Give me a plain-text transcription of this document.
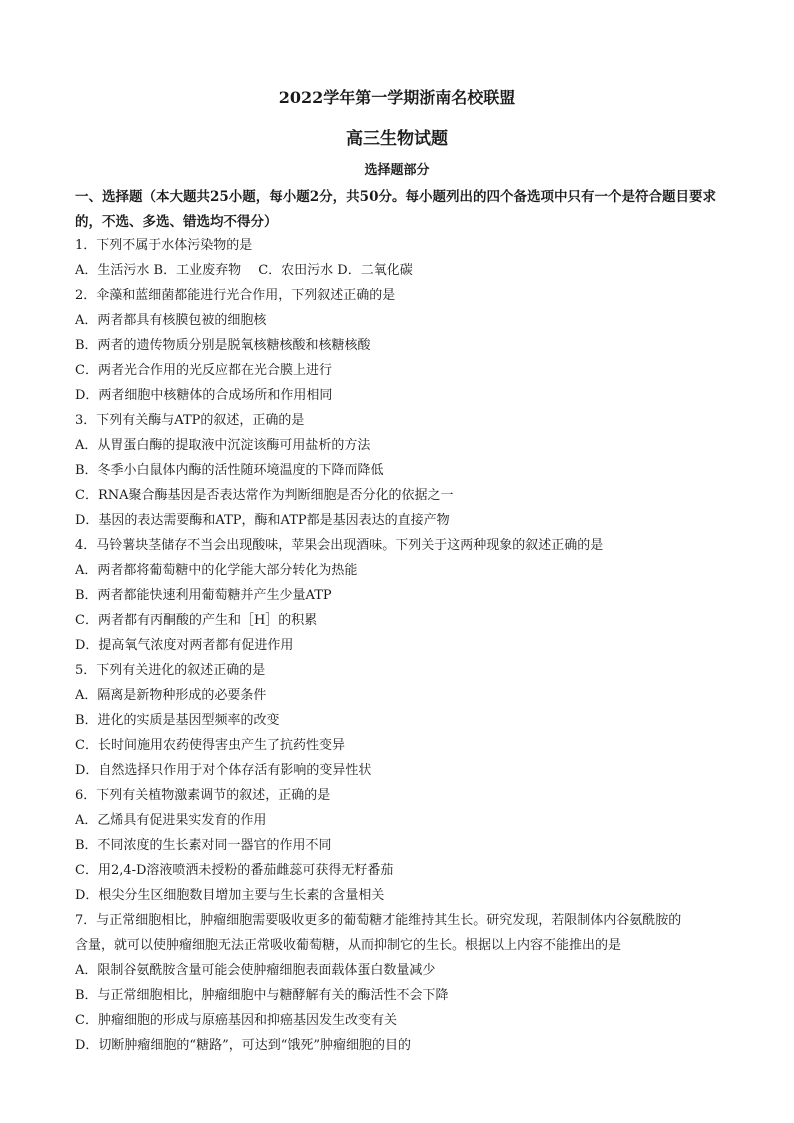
2022学年第一学期浙南名校联盟
高三生物试题
选择题部分
一、选择题（本大题共25小题，每小题2分，共50分。每小题列出的四个备选项中只有一个是符合题目要求的，不选、多选、错选均不得分）
1．下列不属于水体污染物的是
A．生活污水 B．工业废弃物　 C．农田污水 D．二氧化碳
2．伞藻和蓝细菌都能进行光合作用，下列叙述正确的是
A．两者都具有核膜包被的细胞核
B．两者的遗传物质分别是脱氧核糖核酸和核糖核酸
C．两者光合作用的光反应都在光合膜上进行
D．两者细胞中核糖体的合成场所和作用相同
3．下列有关酶与ATP的叙述，正确的是
A．从胃蛋白酶的提取液中沉淀该酶可用盐析的方法
B．冬季小白鼠体内酶的活性随环境温度的下降而降低
C．RNA聚合酶基因是否表达常作为判断细胞是否分化的依据之一
D．基因的表达需要酶和ATP，酶和ATP都是基因表达的直接产物
4．马铃薯块茎储存不当会出现酸味，苹果会出现酒味。下列关于这两种现象的叙述正确的是
A．两者都将葡萄糖中的化学能大部分转化为热能
B．两者都能快速利用葡萄糖并产生少量ATP
C．两者都有丙酮酸的产生和［H］的积累
D．提高氧气浓度对两者都有促进作用
5．下列有关进化的叙述正确的是
A．隔离是新物种形成的必要条件
B．进化的实质是基因型频率的改变
C．长时间施用农药使得害虫产生了抗药性变异
D．自然选择只作用于对个体存活有影响的变异性状
6．下列有关植物激素调节的叙述，正确的是
A．乙烯具有促进果实发育的作用
B．不同浓度的生长素对同一器官的作用不同
C．用2,4-D溶液喷洒未授粉的番茄雌蕊可获得无籽番茄
D．根尖分生区细胞数目增加主要与生长素的含量相关
7．与正常细胞相比，肿瘤细胞需要吸收更多的葡萄糖才能维持其生长。研究发现，若限制体内谷氨酰胺的
含量，就可以使肿瘤细胞无法正常吸收葡萄糖，从而抑制它的生长。根据以上内容不能推出的是
A．限制谷氨酰胺含量可能会使肿瘤细胞表面载体蛋白数量减少
B．与正常细胞相比，肿瘤细胞中与糖酵解有关的酶活性不会下降
C．肿瘤细胞的形成与原癌基因和抑癌基因发生改变有关
D．切断肿瘤细胞的“糖路”，可达到“饿死”肿瘤细胞的目的
